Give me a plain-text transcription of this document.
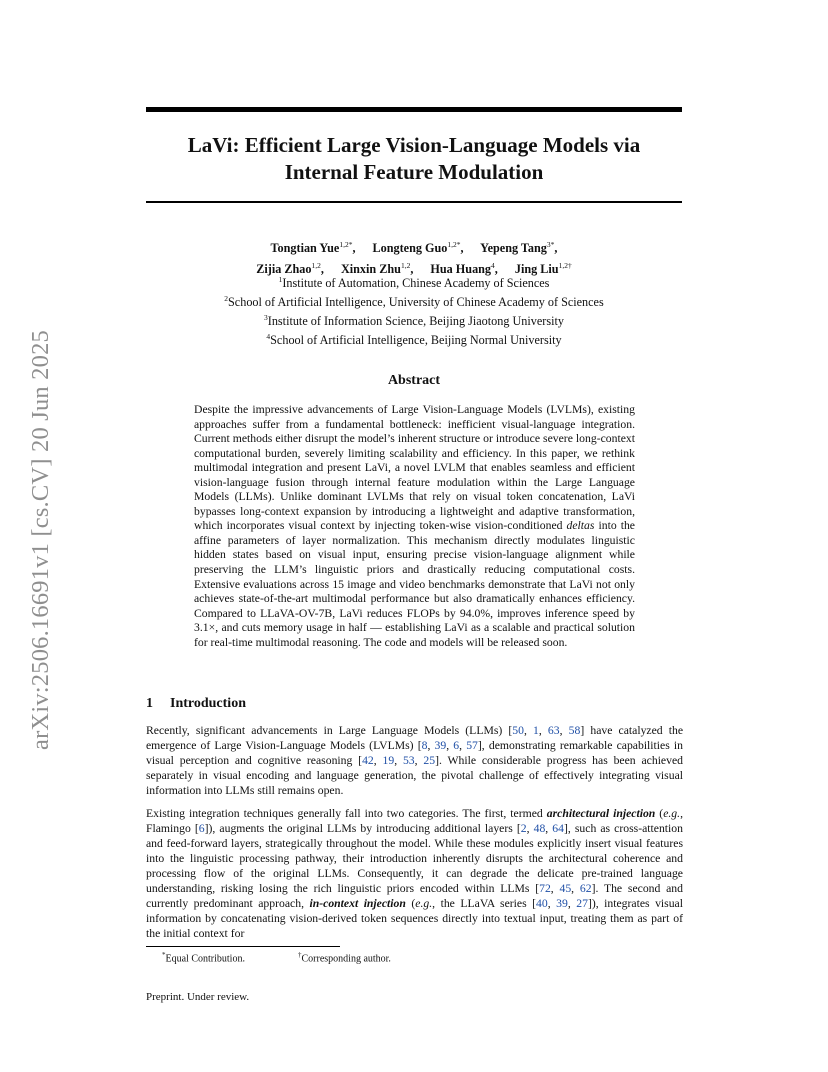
arXiv:2506.16691v1 [cs.CV] 20 Jun 2025
LaVi: Efficient Large Vision-Language Models via
Internal Feature Modulation
Tongtian Yue$^{1,2*}$, Longteng Guo$^{1,2*}$, Yepeng Tang$^{3*}$,
Zijia Zhao$^{1,2}$, Xinxin Zhu$^{1,2}$, Hua Huang$^4$, Jing Liu$^{1,2\dagger}$
$^1$Institute of Automation, Chinese Academy of Sciences
$^2$School of Artificial Intelligence, University of Chinese Academy of Sciences
$^3$Institute of Information Science, Beijing Jiaotong University
$^4$School of Artificial Intelligence, Beijing Normal University
Abstract
Despite the impressive advancements of Large Vision-Language Models (LVLMs), existing approaches suffer from a fundamental bottleneck: inefficient visual-language integration. Current methods either disrupt the model’s inherent structure or introduce severe long-context computational burden, severely limiting scalability and efficiency. In this paper, we rethink multimodal integration and present LaVi, a novel LVLM that enables seamless and efficient vision-language fusion through internal feature modulation within the Large Language Models (LLMs). Unlike dominant LVLMs that rely on visual token concatenation, LaVi bypasses long-context expansion by introducing a lightweight and adaptive transformation, which incorporates visual context by injecting token-wise vision-conditioned deltas into the affine parameters of layer normalization. This mechanism directly modulates linguistic hidden states based on visual input, ensuring precise vision-language alignment while preserving the LLM’s linguistic priors and drastically reducing computational costs. Extensive evaluations across 15 image and video benchmarks demonstrate that LaVi not only achieves state-of-the-art multimodal performance but also dramatically enhances efficiency. Compared to LLaVA-OV-7B, LaVi reduces FLOPs by 94.0%, improves inference speed by 3.1×, and cuts memory usage in half — establishing LaVi as a scalable and practical solution for real-time multimodal reasoning. The code and models will be released soon.
1 Introduction
Recently, significant advancements in Large Language Models (LLMs) [50, 1, 63, 58] have catalyzed the emergence of Large Vision-Language Models (LVLMs) [8, 39, 6, 57], demonstrating remarkable capabilities in visual perception and cognitive reasoning [42, 19, 53, 25]. While considerable progress has been achieved separately in visual encoding and language generation, the pivotal challenge of effectively integrating visual information into LLMs still remains open.
Existing integration techniques generally fall into two categories. The first, termed architectural injection (e.g., Flamingo [6]), augments the original LLMs by introducing additional layers [2, 48, 64], such as cross-attention and feed-forward layers, strategically throughout the model. While these modules explicitly insert visual features into the linguistic processing pathway, their introduction inherently disrupts the architectural coherence and processing flow of the original LLMs. Consequently, it can degrade the delicate pre-trained language understanding, risking losing the rich linguistic priors encoded within LLMs [72, 45, 62]. The second and currently predominant approach, in-context injection (e.g., the LLaVA series [40, 39, 27]), integrates visual information by concatenating vision-derived token sequences directly into textual input, treating them as part of the initial context for
*Equal Contribution.	†Corresponding author.
Preprint. Under review.
